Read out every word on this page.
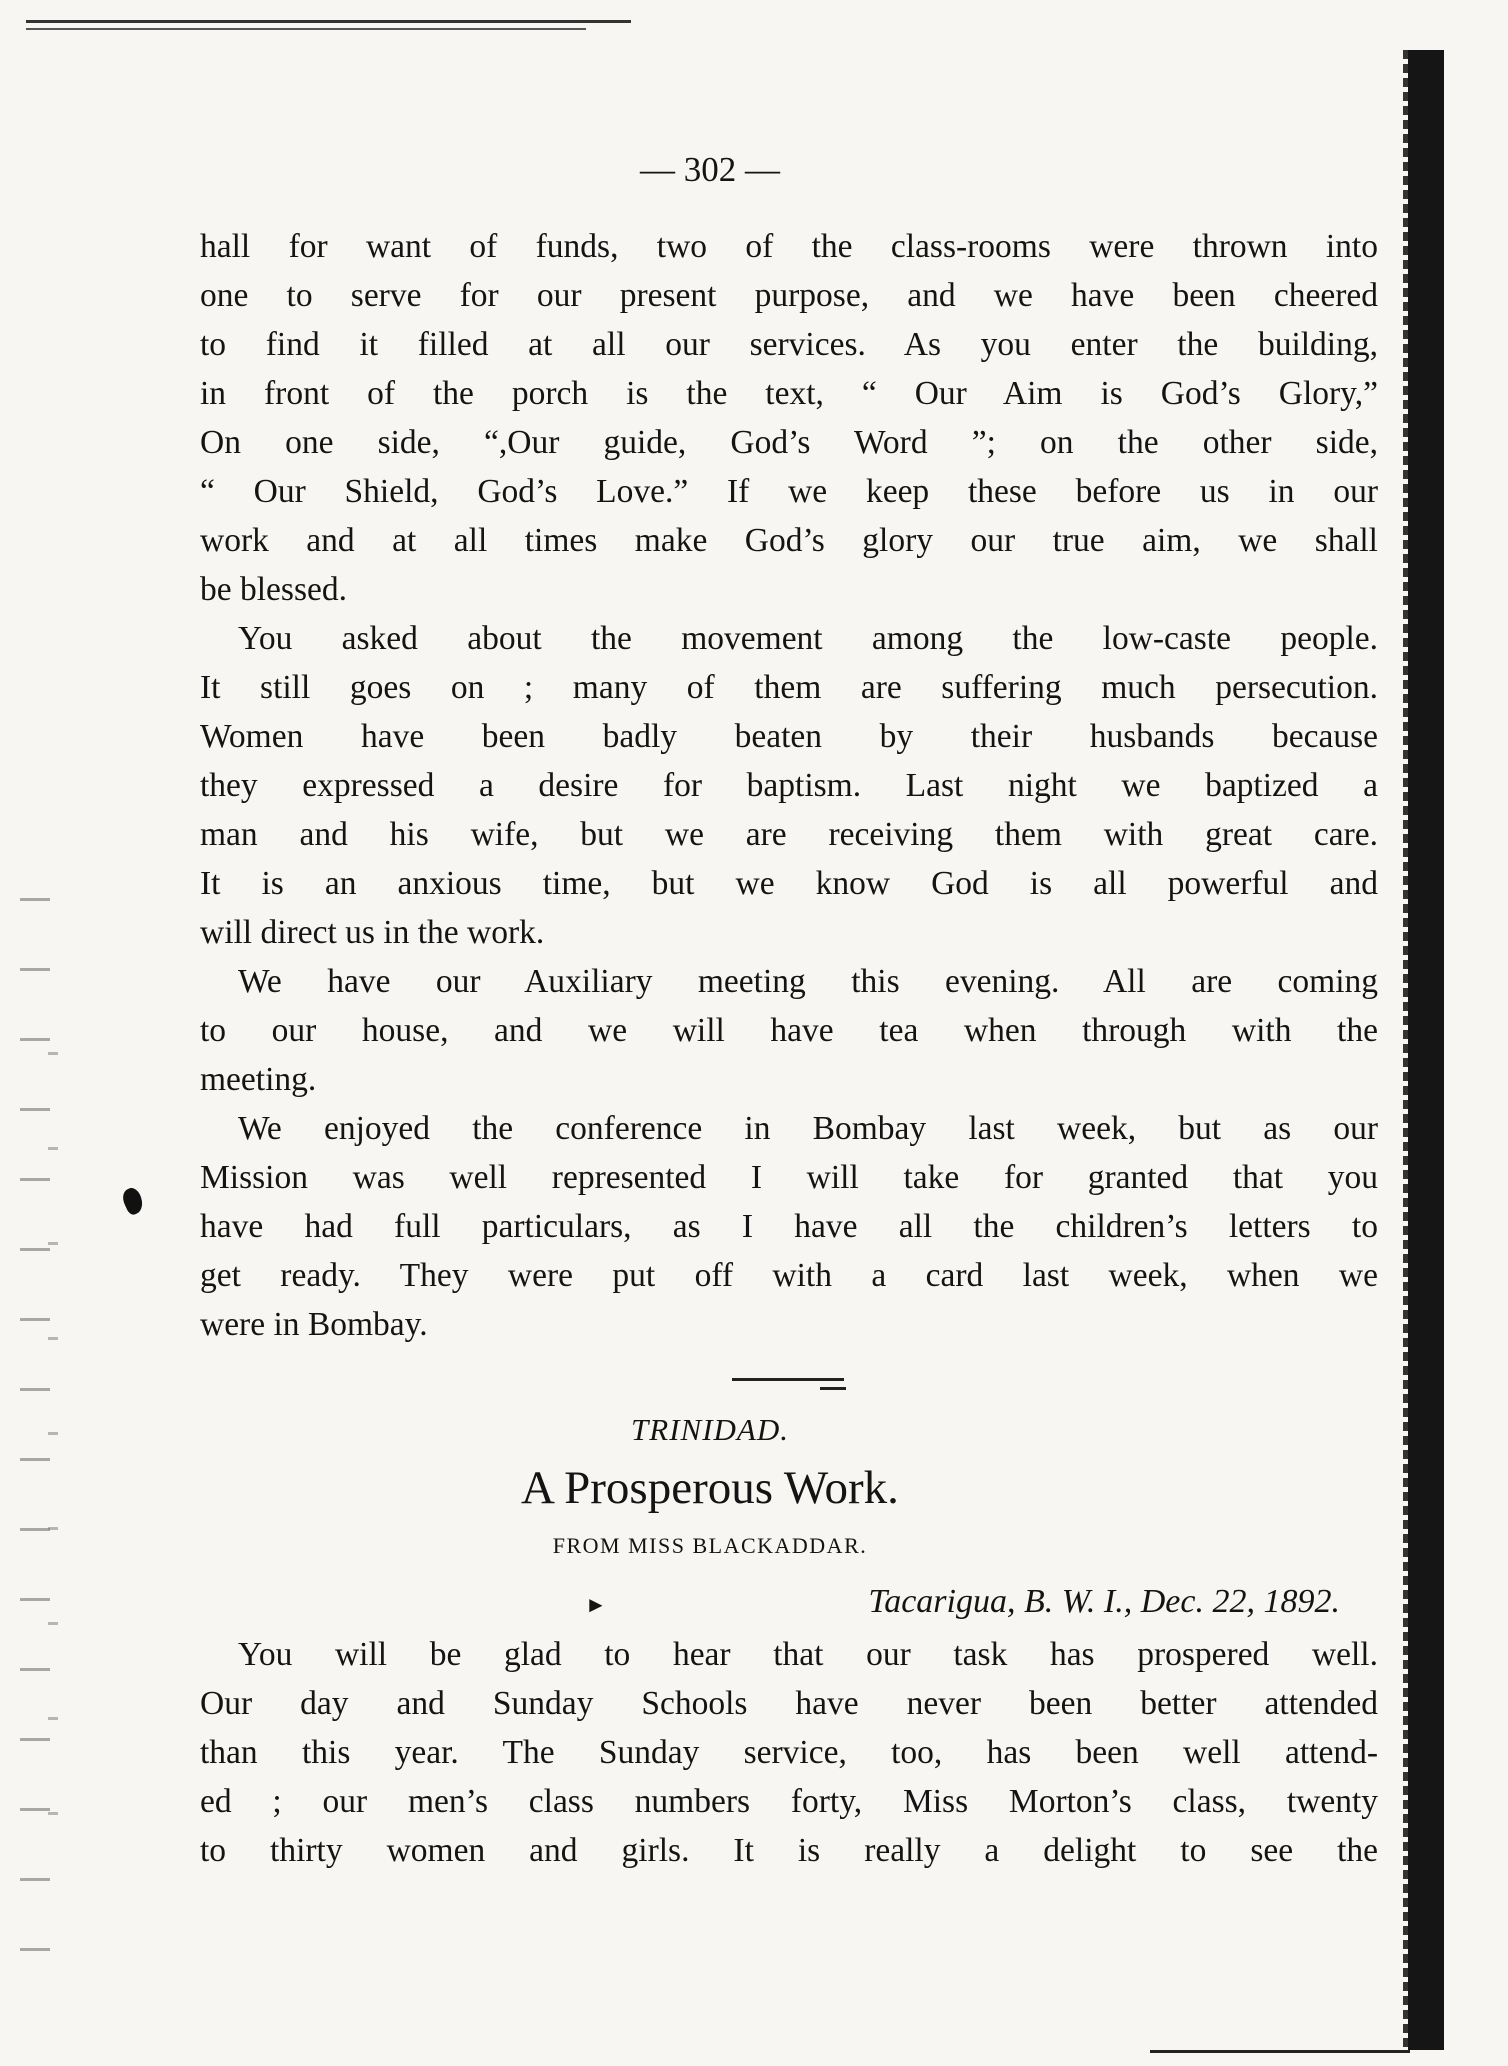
— 302 —
hall for want of funds, two of the class-rooms were thrown into
one to serve for our present purpose, and we have been cheered
to find it filled at all our services. As you enter the building,
in front of the porch is the text, “ Our Aim is God’s Glory,”
On one side, “,Our guide, God’s Word ”; on the other side,
“ Our Shield, God’s Love.” If we keep these before us in our
work and at all times make God’s glory our true aim, we shall
be blessed.
You asked about the movement among the low-caste people.
It still goes on ; many of them are suffering much persecution.
Women have been badly beaten by their husbands because
they expressed a desire for baptism. Last night we baptized a
man and his wife, but we are receiving them with great care.
It is an anxious time, but we know God is all powerful and
will direct us in the work.
We have our Auxiliary meeting this evening. All are coming
to our house, and we will have tea when through with the
meeting.
We enjoyed the conference in Bombay last week, but as our
Mission was well represented I will take for granted that you
have had full particulars, as I have all the children’s letters to
get ready. They were put off with a card last week, when we
were in Bombay.
TRINIDAD.
A Prosperous Work.
FROM MISS BLACKADDAR.
►	Tacarigua, B. W. I., Dec. 22, 1892.
You will be glad to hear that our task has prospered well.
Our day and Sunday Schools have never been better attended
than this year. The Sunday service, too, has been well attend-
ed ; our men’s class numbers forty, Miss Morton’s class, twenty
to thirty women and girls. It is really a delight to see the
